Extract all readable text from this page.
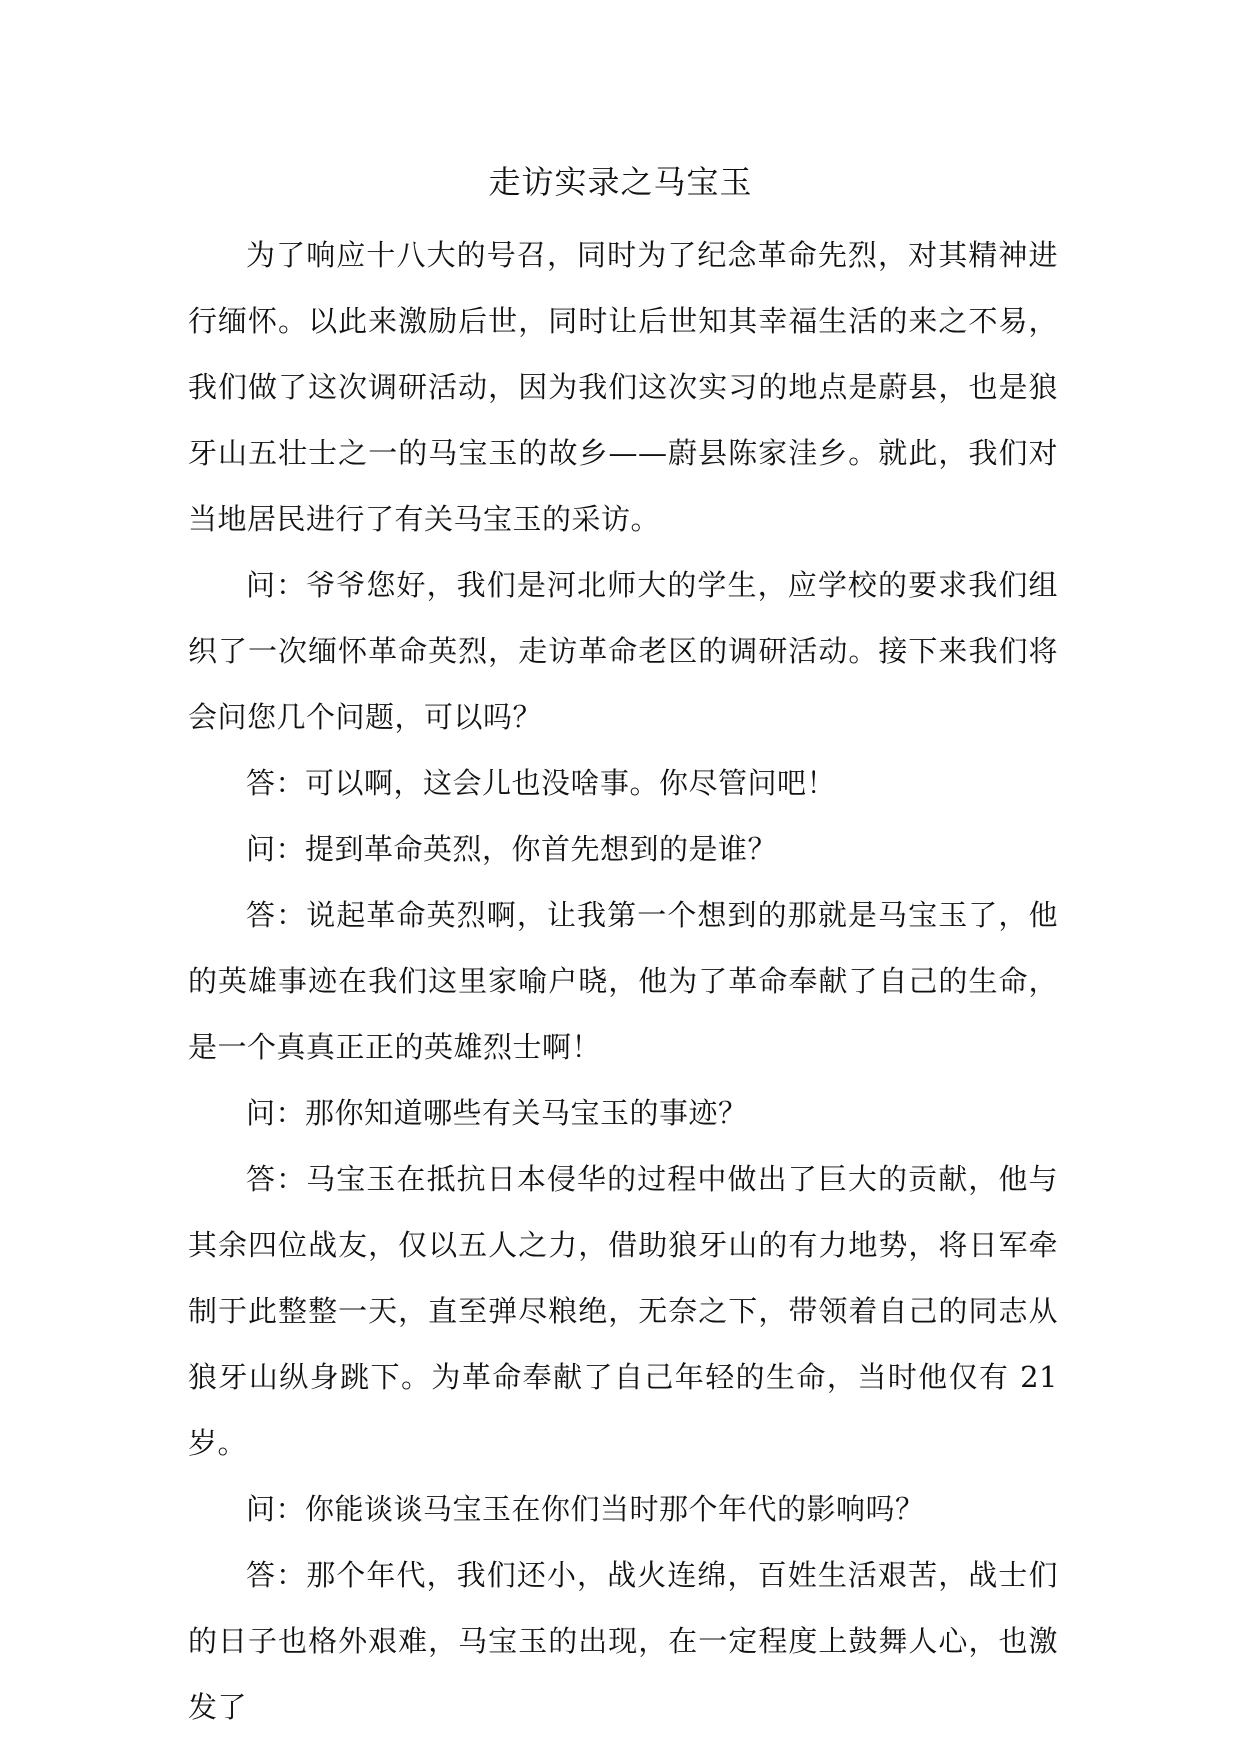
走访实录之马宝玉

为了响应十八大的号召，同时为了纪念革命先烈，对其精神进行缅怀。以此来激励后世，同时让后世知其幸福生活的来之不易，我们做了这次调研活动，因为我们这次实习的地点是蔚县，也是狼牙山五壮士之一的马宝玉的故乡——蔚县陈家洼乡。就此，我们对当地居民进行了有关马宝玉的采访。

问：爷爷您好，我们是河北师大的学生，应学校的要求我们组织了一次缅怀革命英烈，走访革命老区的调研活动。接下来我们将会问您几个问题，可以吗？

答：可以啊，这会儿也没啥事。你尽管问吧！

问：提到革命英烈，你首先想到的是谁？

答：说起革命英烈啊，让我第一个想到的那就是马宝玉了，他的英雄事迹在我们这里家喻户晓，他为了革命奉献了自己的生命，是一个真真正正的英雄烈士啊！

问：那你知道哪些有关马宝玉的事迹？

答：马宝玉在抵抗日本侵华的过程中做出了巨大的贡献，他与其余四位战友，仅以五人之力，借助狼牙山的有力地势，将日军牵制于此整整一天，直至弹尽粮绝，无奈之下，带领着自己的同志从狼牙山纵身跳下。为革命奉献了自己年轻的生命，当时他仅有 21 岁。

问：你能谈谈马宝玉在你们当时那个年代的影响吗？

答：那个年代，我们还小，战火连绵，百姓生活艰苦，战士们的日子也格外艰难，马宝玉的出现，在一定程度上鼓舞人心，也激发了
